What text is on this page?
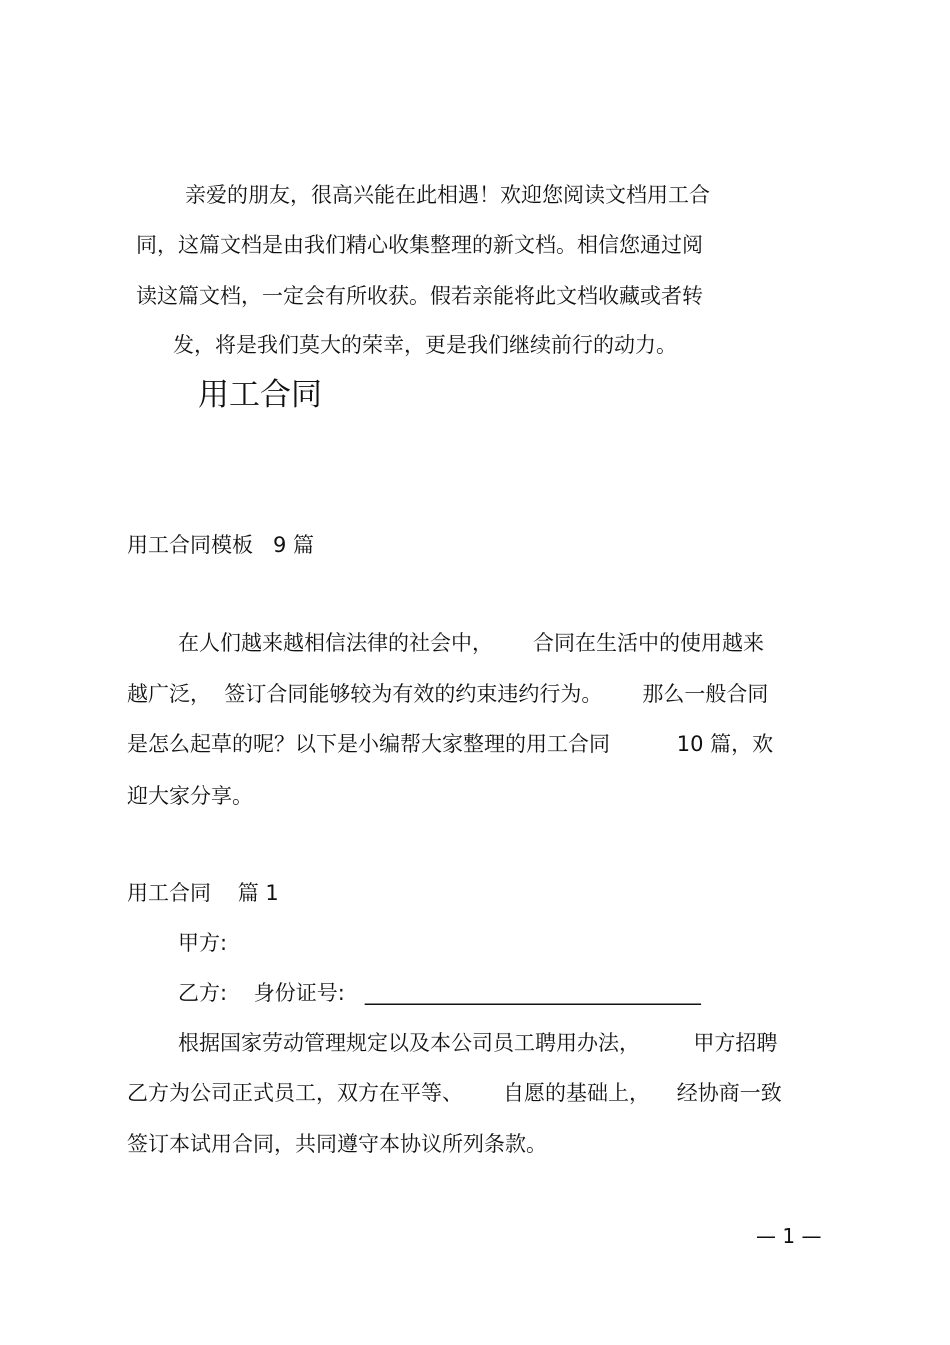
亲爱的朋友，很高兴能在此相遇！欢迎您阅读文档用工合
同，这篇文档是由我们精心收集整理的新文档。相信您通过阅
读这篇文档，一定会有所收获。假若亲能将此文档收藏或者转
发，将是我们莫大的荣幸，更是我们继续前行的动力。
用工合同
用工合同模板   9 篇
在人们越来越相信法律的社会中，      合同在生活中的使用越来
越广泛，  签订合同能够较为有效的约束违约行为。      那么一般合同
是怎么起草的呢？以下是小编帮大家整理的用工合同          10 篇，欢
迎大家分享。
用工合同    篇 1
甲方:
乙方:    身份证号:   ________________________________
根据国家劳动管理规定以及本公司员工聘用办法，        甲方招聘
乙方为公司正式员工，双方在平等、      自愿的基础上，    经协商一致
签订本试用合同，共同遵守本协议所列条款。
— 1 —
